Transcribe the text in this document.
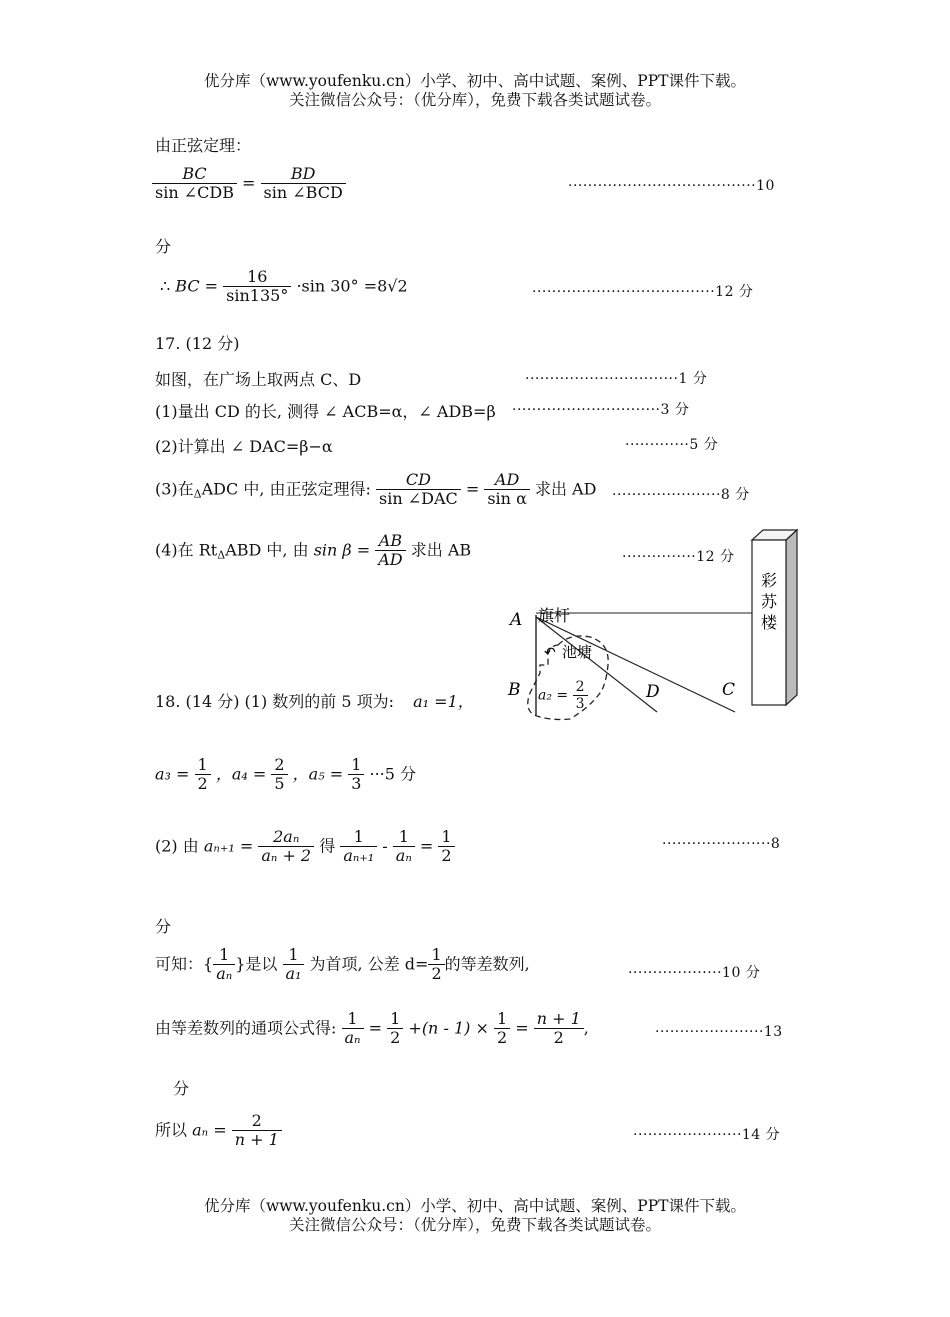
优分库（www.youfenku.cn）小学、初中、高中试题、案例、PPT课件下载。
关注微信公众号：（优分库），免费下载各类试题试卷。
由正弦定理：
$\frac{BC}{\text{sin ∠CDB}} = \frac{BD}{\text{sin ∠BCD}}$	······································10
分
∴ BC = $\frac{16}{\sin 135^\circ} \cdot\sin$ 30° =8√2	·····································12 分
17. (12 分)
如图，在广场上取两点 C、D	·······························1 分
(1)量出 CD 的长, 测得 ∠ ACB=α，∠ ADB=β ······························3 分
(2)计算出 ∠ DAC=β−α	·············5 分
(3)在ΔADC 中, 由正弦定理得: $\frac{CD}{\text{sin ∠DAC}} = \frac{AD}{\text{sin α}}$ 求出 AD ······················8 分
(4)在 RtΔABD 中, 由 $\sin \beta = \frac{AB}{AD}$ 求出 AB	···············12 分
彩
苏
楼
↶ 池塘
旗杆
A
B	D	C
18. (14 分) (1) 数列的前 5 项为: a₁ =1，	$a_2 = \frac{2}{3}$
$a_3 = \frac{1}{2}$ ，$a_4 = \frac{2}{5}$ ，$a_5 = \frac{1}{3} \cdot\cdot\cdot 5$ 分
(2) 由 $a_{n+1} = \frac{\text{2aₙ}}{\text{aₙ + 2}}$ 得 $\frac{1}{\text{aₙ₊₁}} - \frac{1}{\text{aₙ}} = \frac{1}{2}$	······················8
分
可知：{ $\frac{1}{\text{aₙ}}$ }是以 $\frac{1}{\text{a₁}}$ 为首项, 公差 $d= \frac{1}{2}$ 的等差数列,	···················10 分
由等差数列的通项公式得: $\frac{1}{\text{aₙ}} = \frac{1}{2} +(n - 1) \times \frac{1}{2} = \frac{n + 1}{2}$ ,	······················13
分
所以 $a_n = \frac{2}{n + 1}$	······················14 分
优分库（www.youfenku.cn）小学、初中、高中试题、案例、PPT课件下载。
关注微信公众号：（优分库），免费下载各类试题试卷。
